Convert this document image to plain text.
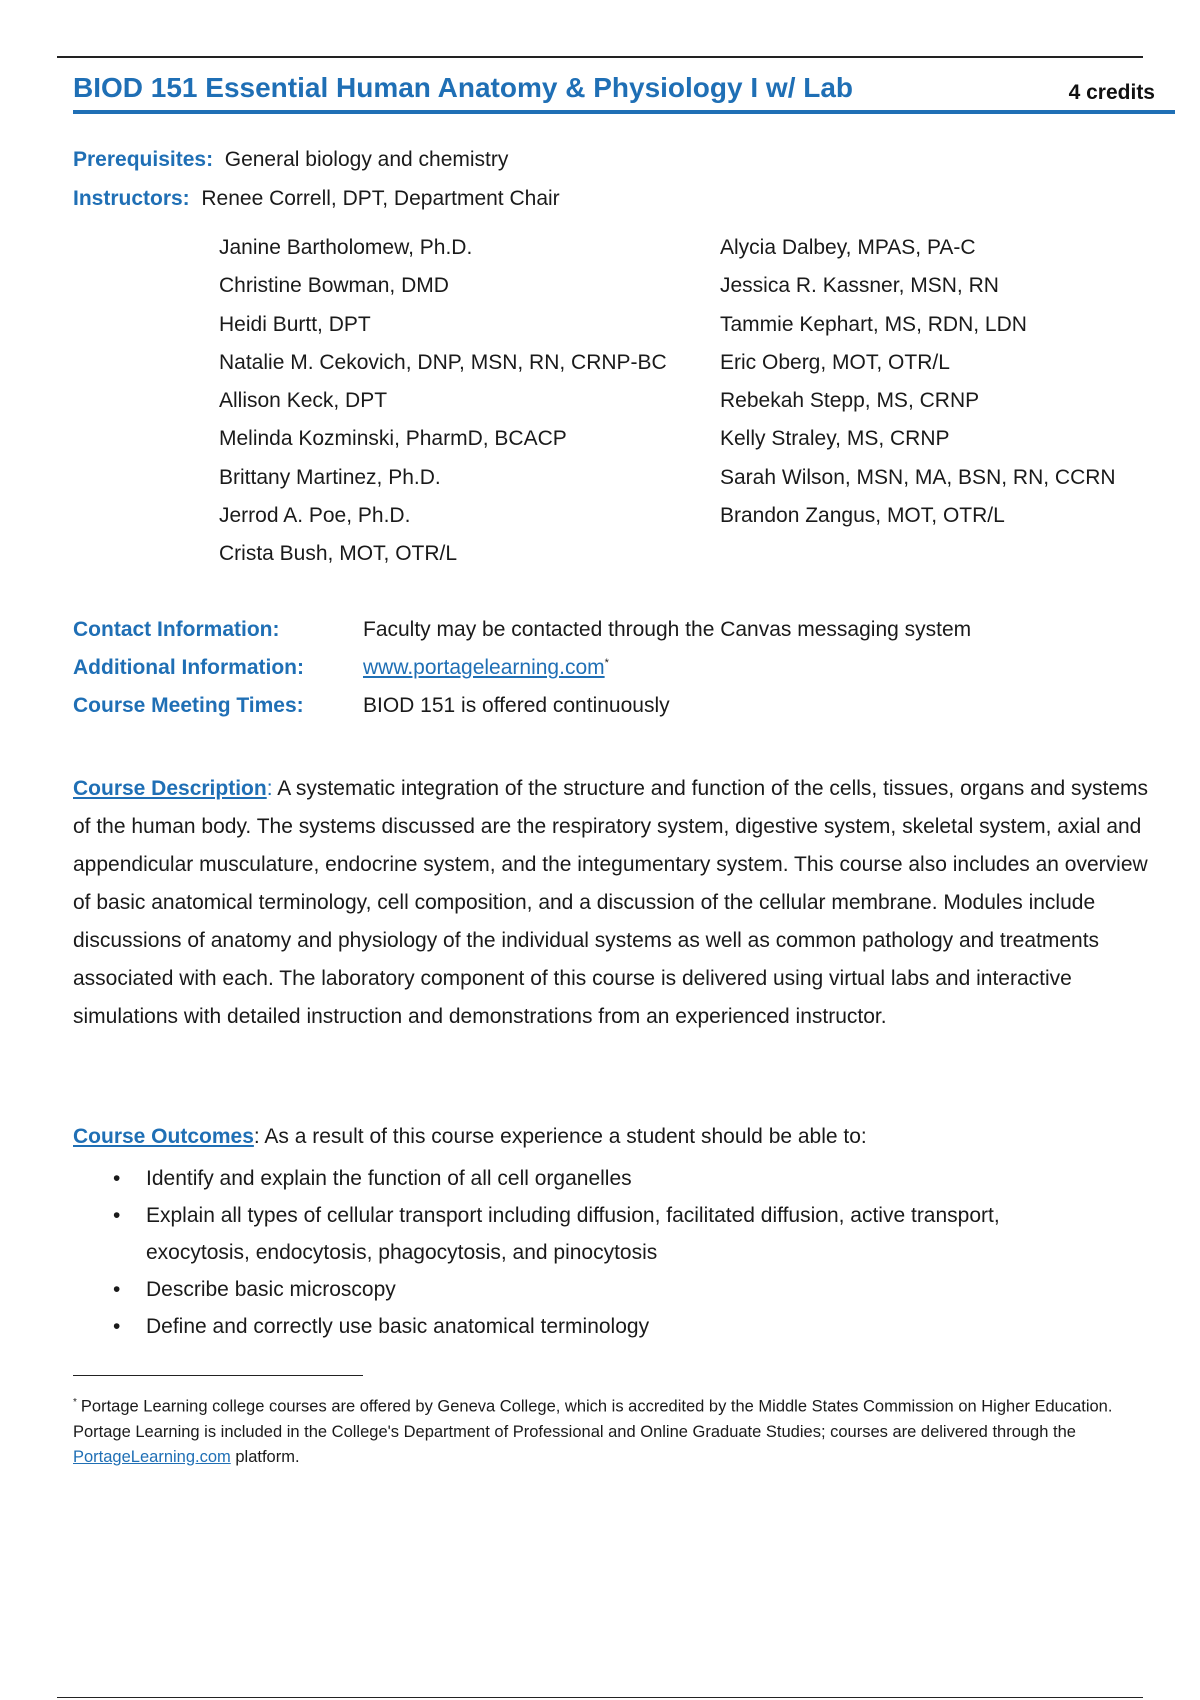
BIOD 151 Essential Human Anatomy & Physiology I w/ Lab	4 credits
Prerequisites: General biology and chemistry
Instructors: Renee Correll, DPT, Department Chair
Janine Bartholomew, Ph.D.
Christine Bowman, DMD
Heidi Burtt, DPT
Natalie M. Cekovich, DNP, MSN, RN, CRNP-BC
Allison Keck, DPT
Melinda Kozminski, PharmD, BCACP
Brittany Martinez, Ph.D.
Jerrod A. Poe, Ph.D.
Crista Bush, MOT, OTR/L
Alycia Dalbey, MPAS, PA-C
Jessica R. Kassner, MSN, RN
Tammie Kephart, MS, RDN, LDN
Eric Oberg, MOT, OTR/L
Rebekah Stepp, MS, CRNP
Kelly Straley, MS, CRNP
Sarah Wilson, MSN, MA, BSN, RN, CCRN
Brandon Zangus, MOT, OTR/L
Contact Information:	Faculty may be contacted through the Canvas messaging system
Additional Information:	www.portagelearning.com*
Course Meeting Times:	BIOD 151 is offered continuously

Course Description: A systematic integration of the structure and function of the cells, tissues, organs and systems of the human body. The systems discussed are the respiratory system, digestive system, skeletal system, axial and appendicular musculature, endocrine system, and the integumentary system. This course also includes an overview of basic anatomical terminology, cell composition, and a discussion of the cellular membrane. Modules include discussions of anatomy and physiology of the individual systems as well as common pathology and treatments associated with each. The laboratory component of this course is delivered using virtual labs and interactive simulations with detailed instruction and demonstrations from an experienced instructor.

Course Outcomes: As a result of this course experience a student should be able to:
• Identify and explain the function of all cell organelles
• Explain all types of cellular transport including diffusion, facilitated diffusion, active transport, exocytosis, endocytosis, phagocytosis, and pinocytosis
• Describe basic microscopy
• Define and correctly use basic anatomical terminology

* Portage Learning college courses are offered by Geneva College, which is accredited by the Middle States Commission on Higher Education. Portage Learning is included in the College's Department of Professional and Online Graduate Studies; courses are delivered through the PortageLearning.com platform.
